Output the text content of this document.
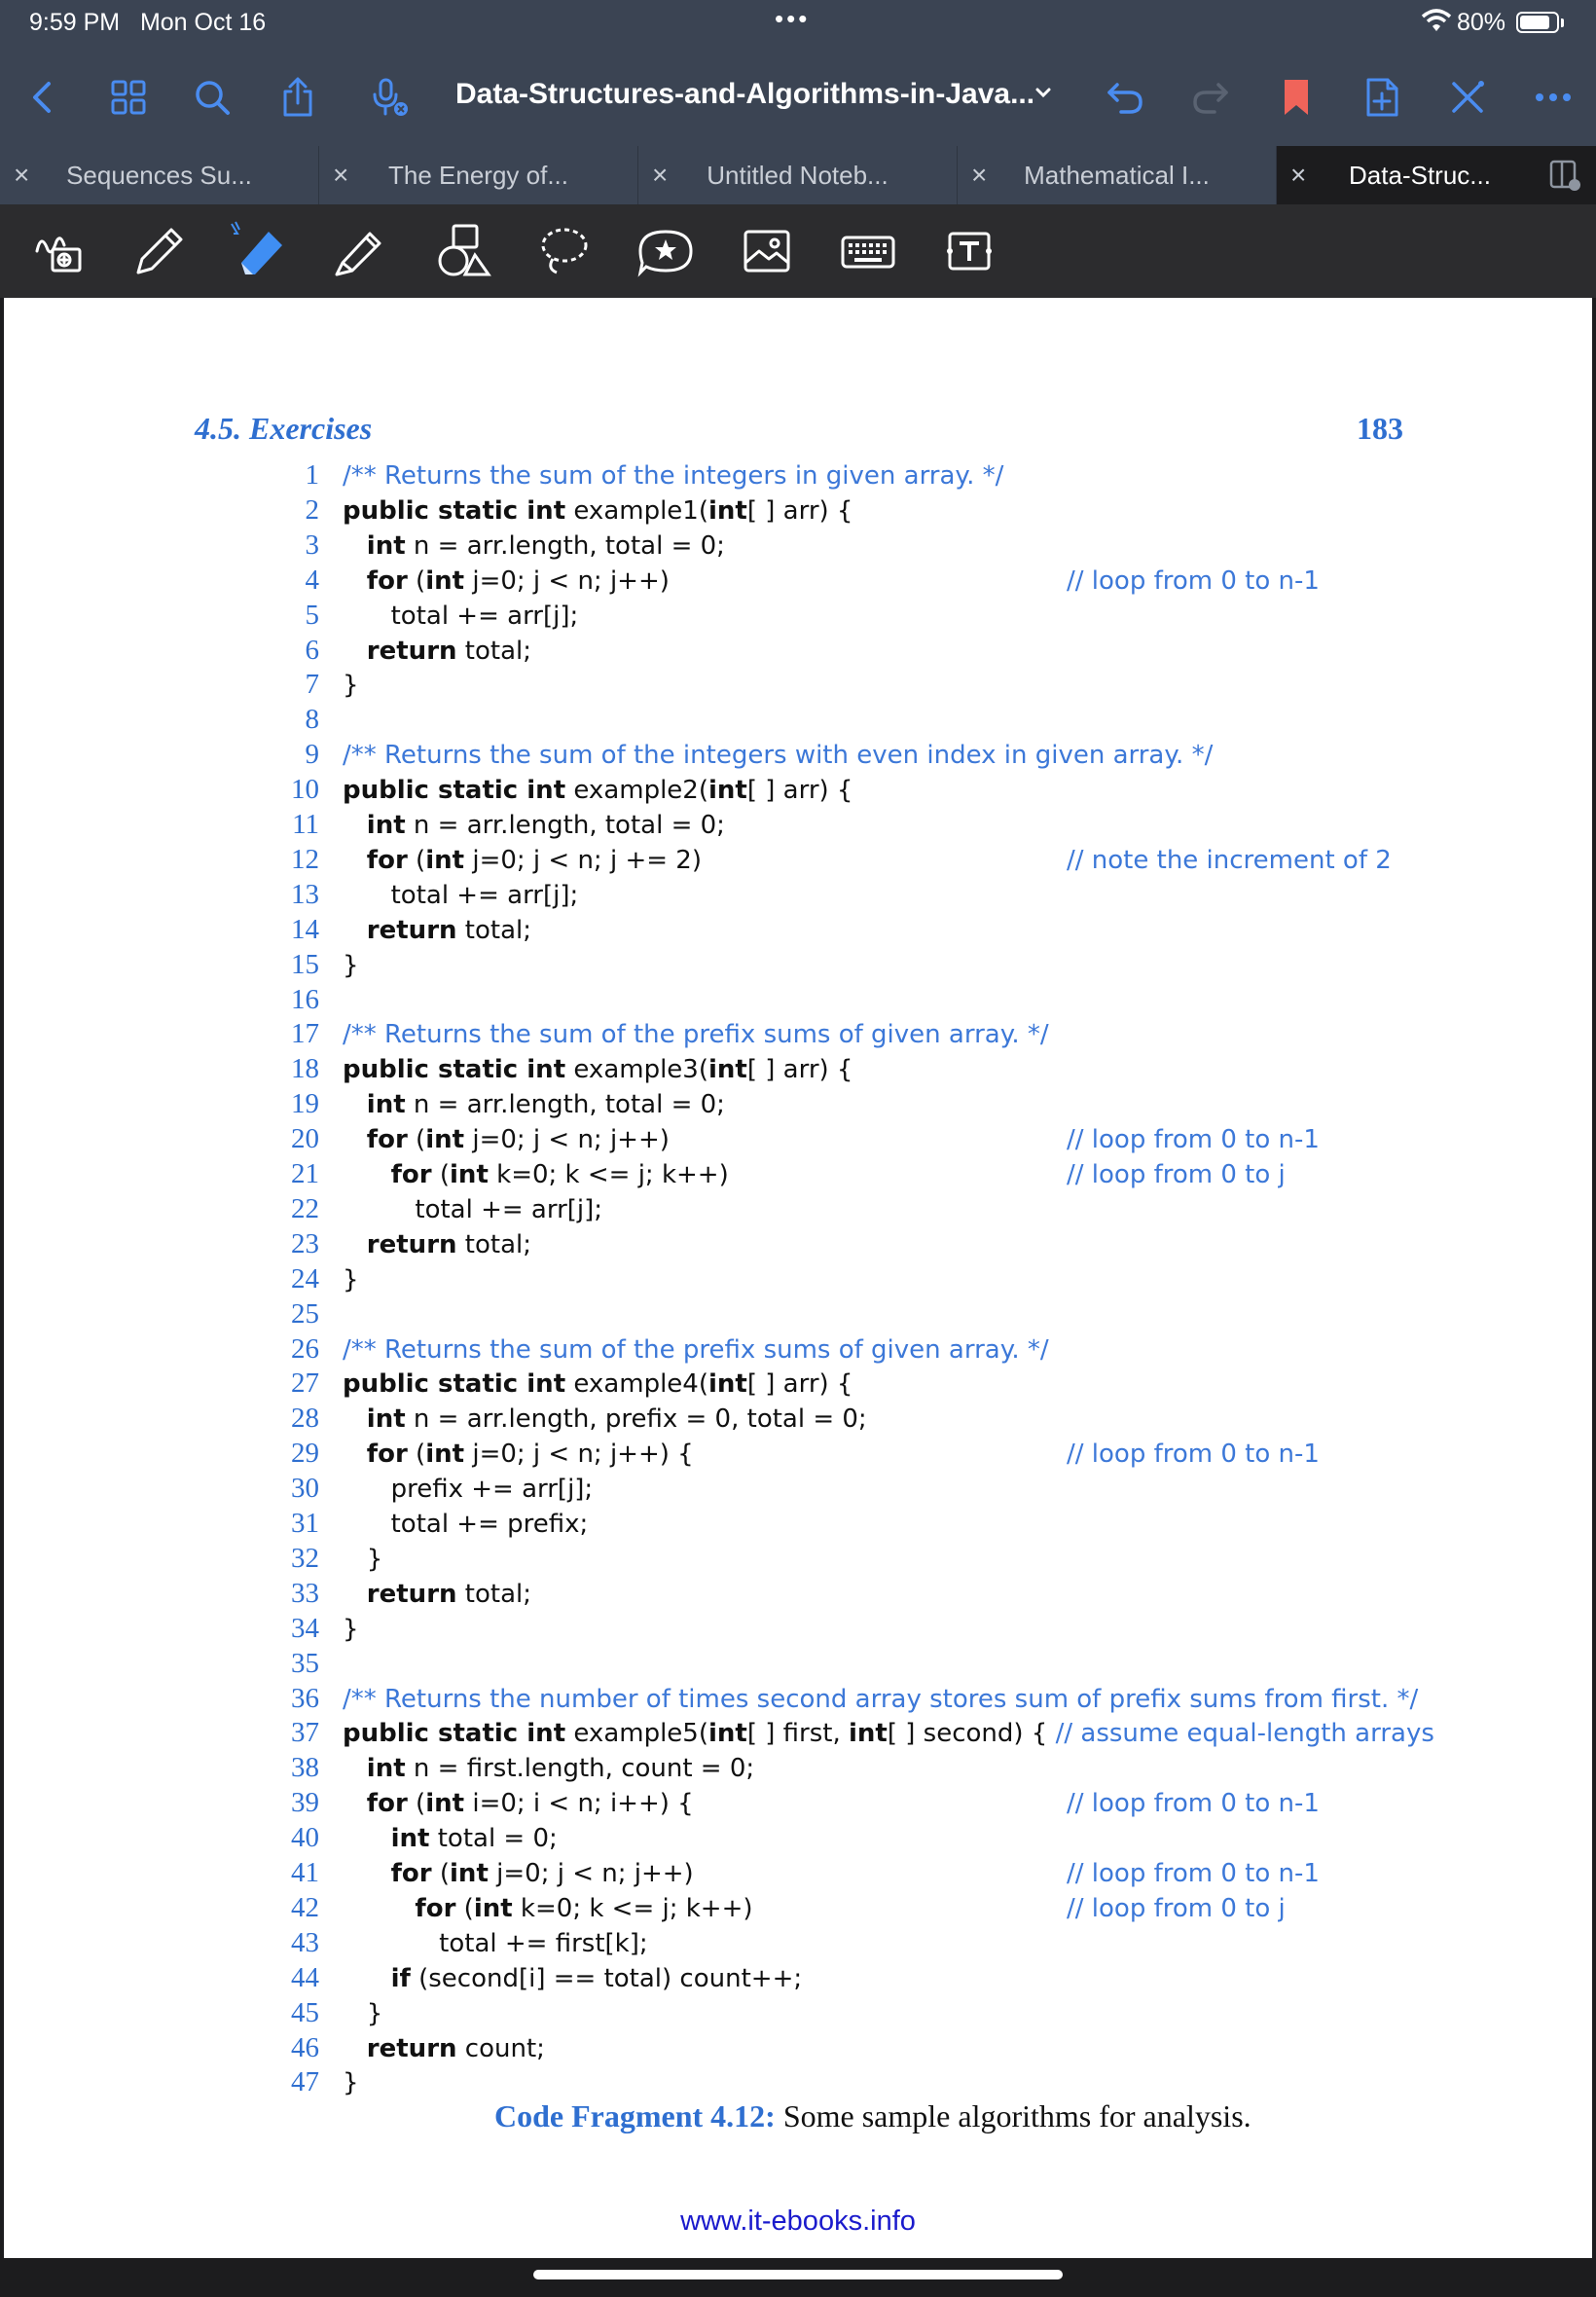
9:59 PM Mon Oct 16	•••	80%
Data-Structures-and-Algorithms-in-Java...
×	Sequences Su...	×	The Energy of...	×	Untitled Noteb...	×	Mathematical I...	×	Data-Struc...
4.5. Exercises	183
1 /** Returns the sum of the integers in given array. */
2 public static int example1(int[ ] arr) {
3	int n = arr.length, total = 0;
4	for (int j=0; j < n; j++)	// loop from 0 to n-1
5 total += arr[j];
6	return total;
7 }
8
9 /** Returns the sum of the integers with even index in given array. */
10 public static int example2(int[ ] arr) {
11	int n = arr.length, total = 0;
12	for (int j=0; j < n; j += 2)	// note the increment of 2
13 total += arr[j];
14	return total;
15 }
16
17 /** Returns the sum of the prefix sums of given array. */
18 public static int example3(int[ ] arr) {
19	int n = arr.length, total = 0;
20	for (int j=0; j < n; j++)	// loop from 0 to n-1
21	for (int k=0; k <= j; k++)	// loop from 0 to j
22 total += arr[j];
23	return total;
24 }
25
26 /** Returns the sum of the prefix sums of given array. */
27 public static int example4(int[ ] arr) {
28	int n = arr.length, prefix = 0, total = 0;
29	for (int j=0; j < n; j++) {	// loop from 0 to n-1
30 prefix += arr[j];
31 total += prefix;
32 }
33	return total;
34 }
35
36 /** Returns the number of times second array stores sum of prefix sums from first. */
37 public static int example5(int[ ] first, int[ ] second) { // assume equal-length arrays
38	int n = first.length, count = 0;
39	for (int i=0; i < n; i++) {	// loop from 0 to n-1
40	int total = 0;
41	for (int j=0; j < n; j++)	// loop from 0 to n-1
42	for (int k=0; k <= j; k++)	// loop from 0 to j
43 total += first[k];
44	if (second[i] == total) count++;
45 }
46	return count;
47 }
Code Fragment 4.12: Some sample algorithms for analysis.
www.it-ebooks.info
